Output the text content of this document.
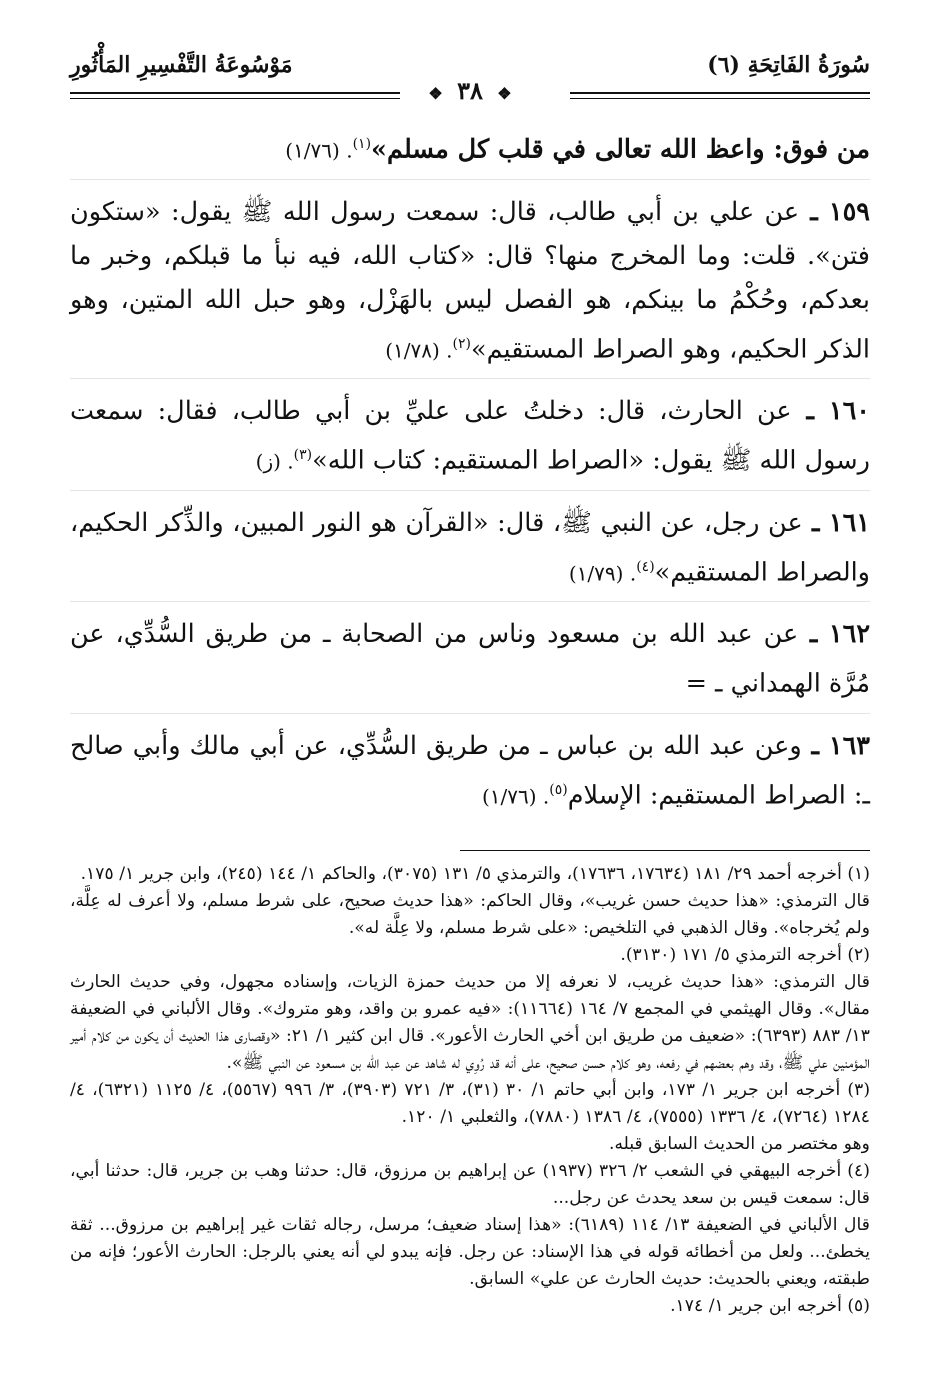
سُورَةُ الفَاتِحَةِ (٦)
مَوْسُوعَةُ التَّفْسِيرِ المَأْثُورِ
❖ ٣٨ ❖

من فوق: واعظ الله تعالى في قلب كل مسلم»$^{(١)}$. (١/٧٦)

١٥٩ ـ عن علي بن أبي طالب، قال: سمعت رسول الله ﷺ يقول: «ستكون فتن». قلت: وما المخرج منها؟ قال: «كتاب الله، فيه نبأ ما قبلكم، وخبر ما بعدكم، وحُكْمُ ما بينكم، هو الفصل ليس بالهَزْل، وهو حبل الله المتين، وهو الذكر الحكيم، وهو الصراط المستقيم»$^{(٢)}$. (١/٧٨)

١٦٠ ـ عن الحارث، قال: دخلتُ على عليِّ بن أبي طالب، فقال: سمعت رسول الله ﷺ يقول: «الصراط المستقيم: كتاب الله»$^{(٣)}$. (ز)

١٦١ ـ عن رجل، عن النبي ﷺ، قال: «القرآن هو النور المبين، والذِّكر الحكيم، والصراط المستقيم»$^{(٤)}$. (١/٧٩)

١٦٢ ـ عن عبد الله بن مسعود وناس من الصحابة ـ من طريق السُّدِّي، عن مُرَّة الهمداني ـ =

١٦٣ ـ وعن عبد الله بن عباس ـ من طريق السُّدِّي، عن أبي مالك وأبي صالح ـ: الصراط المستقيم: الإسلام$^{(٥)}$. (١/٧٦)

(١) أخرجه أحمد ٢٩/ ١٨١ (١٧٦٣٤، ١٧٦٣٦)، والترمذي ٥/ ١٣١ (٣٠٧٥)، والحاكم ١/ ١٤٤ (٢٤٥)، وابن جرير ١/ ١٧٥.

قال الترمذي: «هذا حديث حسن غريب»، وقال الحاكم: «هذا حديث صحيح، على شرط مسلم، ولا أعرف له عِلَّة، ولم يُخرجاه». وقال الذهبي في التلخيص: «على شرط مسلم، ولا عِلَّة له».

(٢) أخرجه الترمذي ٥/ ١٧١ (٣١٣٠).

قال الترمذي: «هذا حديث غريب، لا نعرفه إلا من حديث حمزة الزيات، وإسناده مجهول، وفي حديث الحارث مقال». وقال الهيثمي في المجمع ٧/ ١٦٤ (١١٦٦٤): «فيه عمرو بن واقد، وهو متروك». وقال الألباني في الضعيفة ١٣/ ٨٨٣ (٦٣٩٣): «ضعيف من طريق ابن أخي الحارث الأعور». قال ابن كثير ١/ ٢١: «وقصارى هذا الحديث أن يكون من كلام أمير المؤمنين علي ﷺ، وقد وهم بعضهم في رفعه، وهو كلام حسن صحيح، على أنه قد رُوِي له شاهد عن عبد الله بن مسعود عن النبي ﷺ».

(٣) أخرجه ابن جرير ١/ ١٧٣، وابن أبي حاتم ١/ ٣٠ (٣١)، ٣/ ٧٢١ (٣٩٠٣)، ٣/ ٩٩٦ (٥٥٦٧)، ٤/ ١١٢٥ (٦٣٢١)، ٤/ ١٢٨٤ (٧٢٦٤)، ٤/ ١٣٣٦ (٧٥٥٥)، ٤/ ١٣٨٦ (٧٨٨٠)، والثعلبي ١/ ١٢٠.

وهو مختصر من الحديث السابق قبله.

(٤) أخرجه البيهقي في الشعب ٢/ ٣٢٦ (١٩٣٧) عن إبراهيم بن مرزوق، قال: حدثنا وهب بن جرير، قال: حدثنا أبي، قال: سمعت قيس بن سعد يحدث عن رجل...

قال الألباني في الضعيفة ١٣/ ١١٤ (٦١٨٩): «هذا إسناد ضعيف؛ مرسل، رجاله ثقات غير إبراهيم بن مرزوق... ثقة يخطئ... ولعل من أخطائه قوله في هذا الإسناد: عن رجل. فإنه يبدو لي أنه يعني بالرجل: الحارث الأعور؛ فإنه من طبقته، ويعني بالحديث: حديث الحارث عن علي» السابق.

(٥) أخرجه ابن جرير ١/ ١٧٤.
